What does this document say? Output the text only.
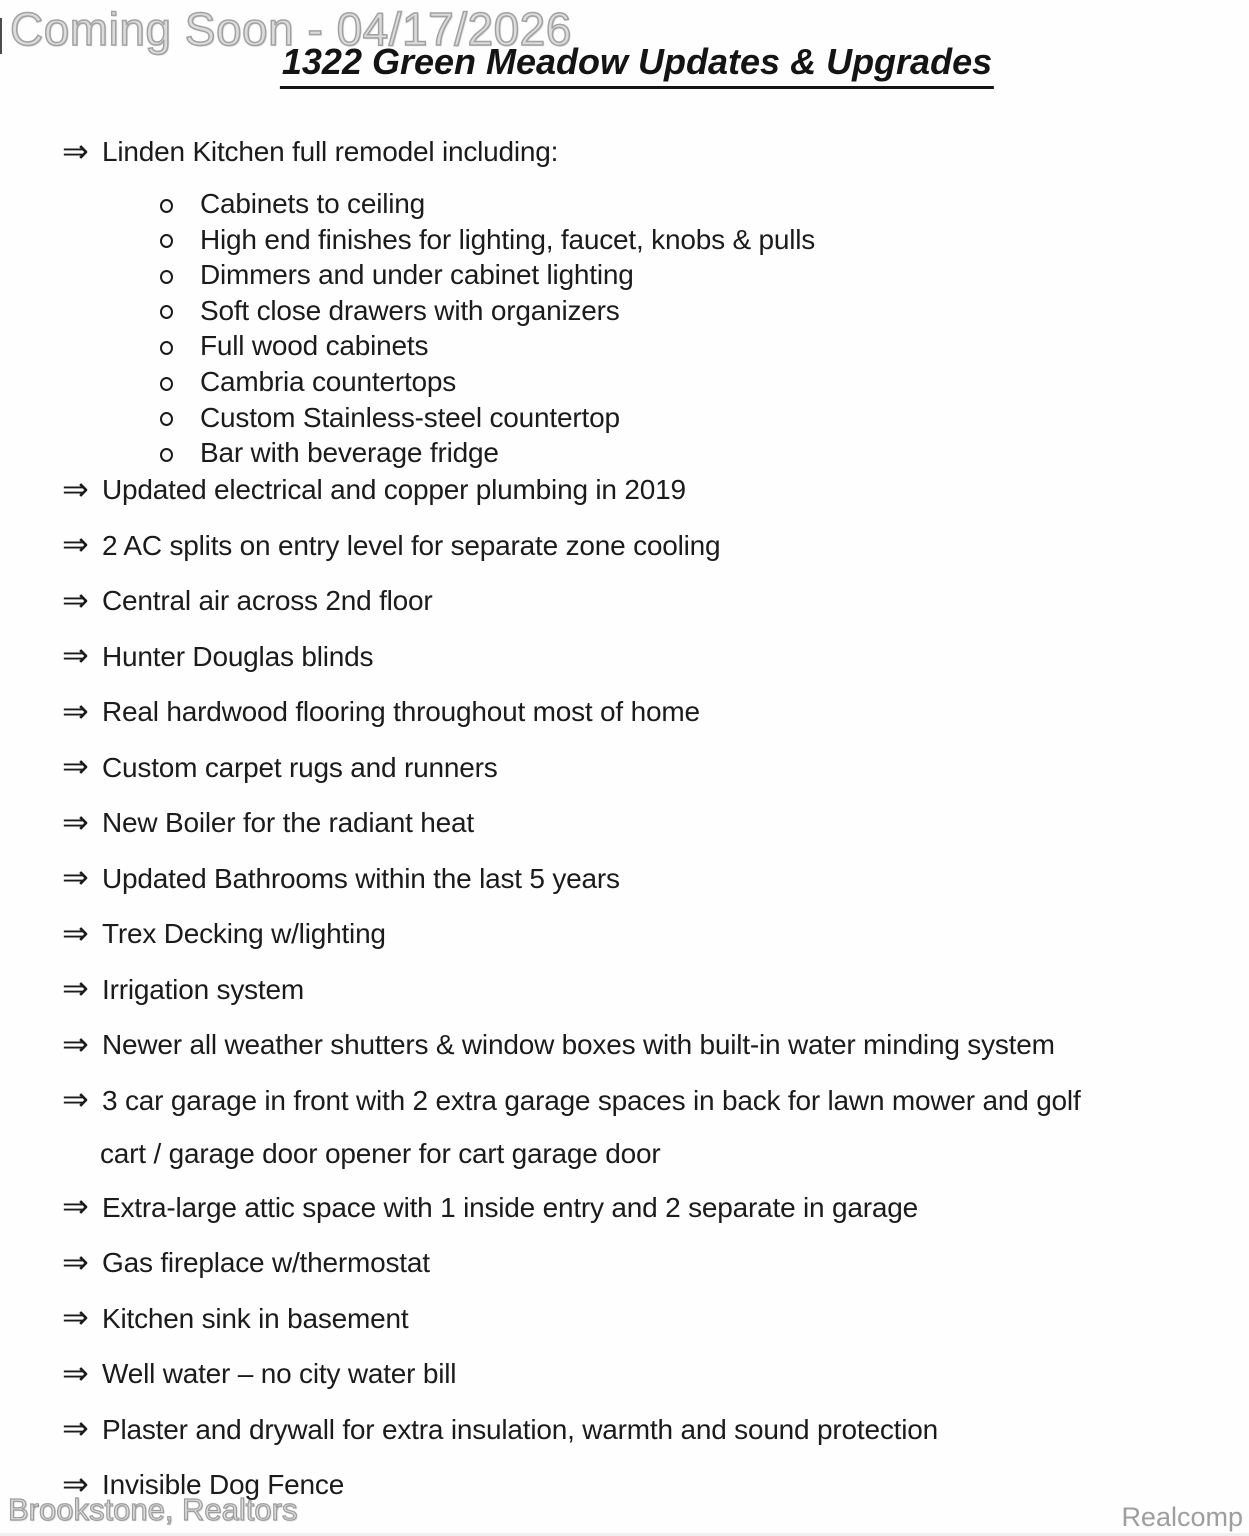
Coming Soon - 04/17/2026
1322 Green Meadow Updates & Upgrades
⇒ Linden Kitchen full remodel including:
Cabinets to ceiling
High end finishes for lighting, faucet, knobs & pulls
Dimmers and under cabinet lighting
Soft close drawers with organizers
Full wood cabinets
Cambria countertops
Custom Stainless-steel countertop
Bar with beverage fridge
⇒ Updated electrical and copper plumbing in 2019
⇒ 2 AC splits on entry level for separate zone cooling
⇒ Central air across 2nd floor
⇒ Hunter Douglas blinds
⇒ Real hardwood flooring throughout most of home
⇒ Custom carpet rugs and runners
⇒ New Boiler for the radiant heat
⇒ Updated Bathrooms within the last 5 years
⇒ Trex Decking w/lighting
⇒ Irrigation system
⇒ Newer all weather shutters & window boxes with built-in water minding system
⇒ 3 car garage in front with 2 extra garage spaces in back for lawn mower and golf
cart / garage door opener for cart garage door
⇒ Extra-large attic space with 1 inside entry and 2 separate in garage
⇒ Gas fireplace w/thermostat
⇒ Kitchen sink in basement
⇒ Well water – no city water bill
⇒ Plaster and drywall for extra insulation, warmth and sound protection
⇒ Invisible Dog Fence
Brookstone, Realtors	Realcomp
